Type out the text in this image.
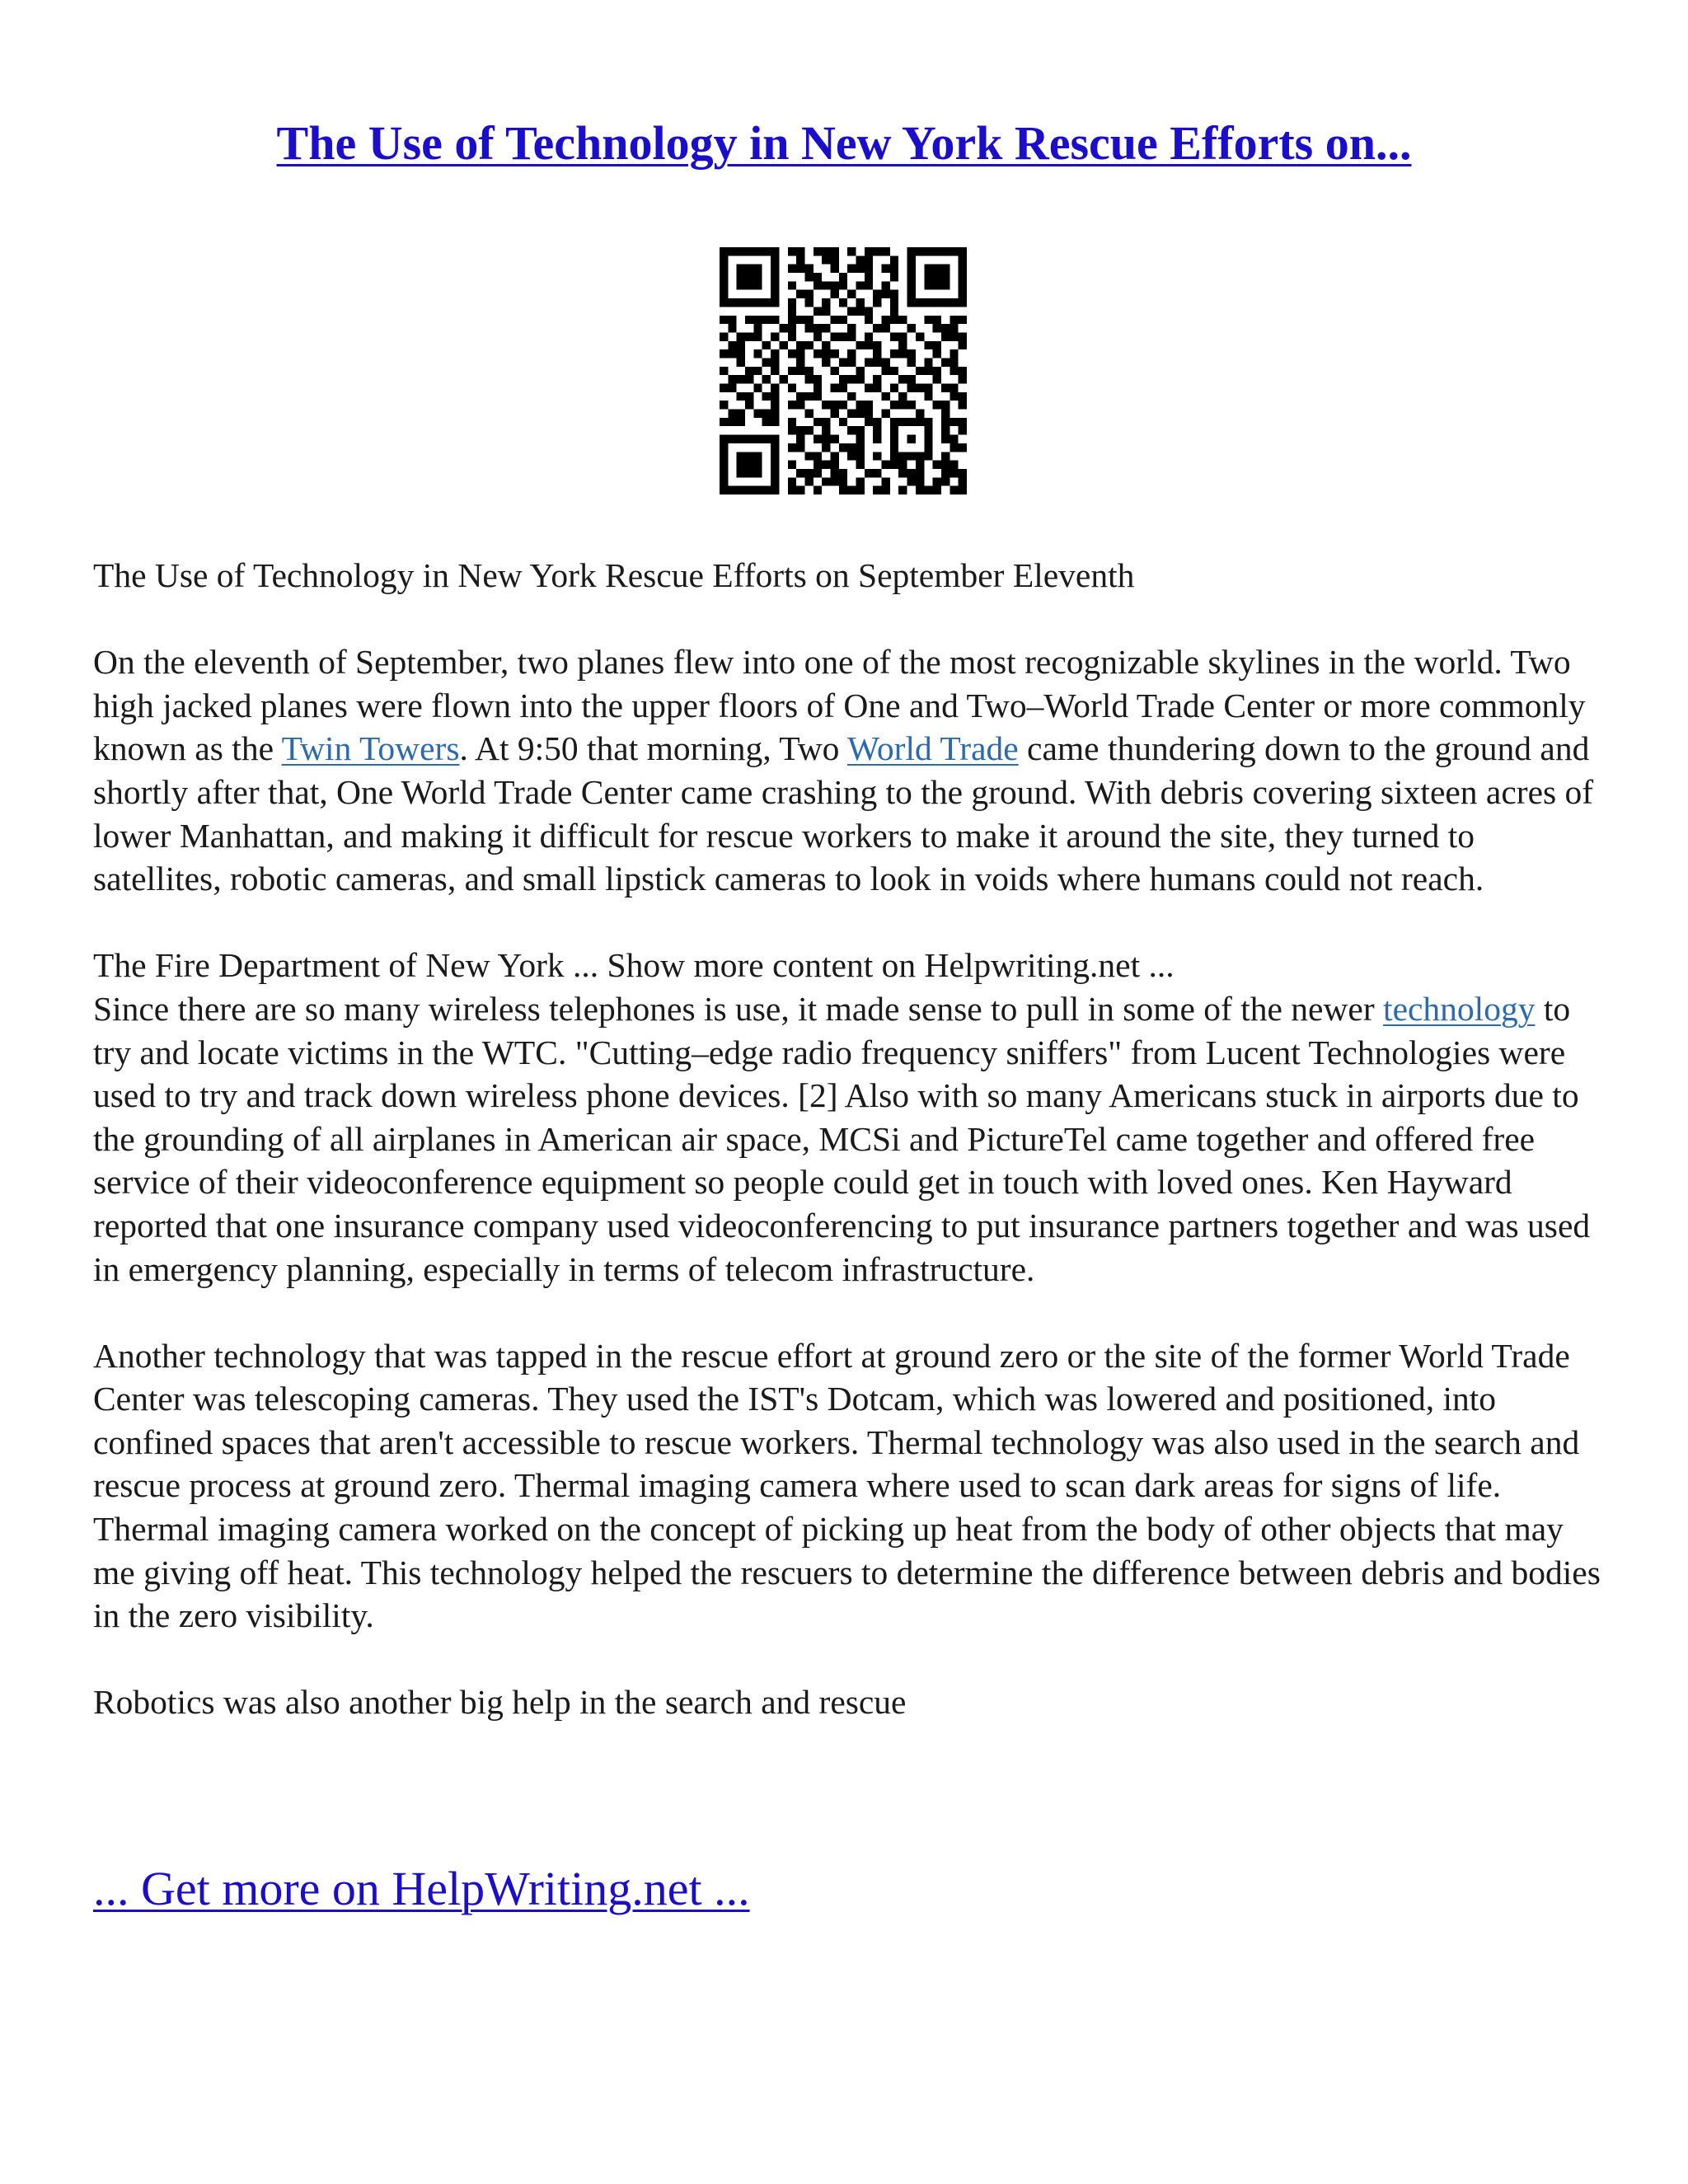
The Use of Technology in New York Rescue Efforts on...

The Use of Technology in New York Rescue Efforts on September Eleventh

On the eleventh of September, two planes flew into one of the most recognizable skylines in the world. Two high jacked planes were flown into the upper floors of One and Two–World Trade Center or more commonly known as the Twin Towers. At 9:50 that morning, Two World Trade came thundering down to the ground and shortly after that, One World Trade Center came crashing to the ground. With debris covering sixteen acres of lower Manhattan, and making it difficult for rescue workers to make it around the site, they turned to satellites, robotic cameras, and small lipstick cameras to look in voids where humans could not reach.

The Fire Department of New York ... Show more content on Helpwriting.net ...

Since there are so many wireless telephones is use, it made sense to pull in some of the newer technology to try and locate victims in the WTC. "Cutting–edge radio frequency sniffers" from Lucent Technologies were used to try and track down wireless phone devices. [2] Also with so many Americans stuck in airports due to the grounding of all airplanes in American air space, MCSi and PictureTel came together and offered free service of their videoconference equipment so people could get in touch with loved ones. Ken Hayward reported that one insurance company used videoconferencing to put insurance partners together and was used in emergency planning, especially in terms of telecom infrastructure.

Another technology that was tapped in the rescue effort at ground zero or the site of the former World Trade Center was telescoping cameras. They used the IST's Dotcam, which was lowered and positioned, into confined spaces that aren't accessible to rescue workers. Thermal technology was also used in the search and rescue process at ground zero. Thermal imaging camera where used to scan dark areas for signs of life. Thermal imaging camera worked on the concept of picking up heat from the body of other objects that may me giving off heat. This technology helped the rescuers to determine the difference between debris and bodies in the zero visibility.

Robotics was also another big help in the search and rescue

... Get more on HelpWriting.net ...
